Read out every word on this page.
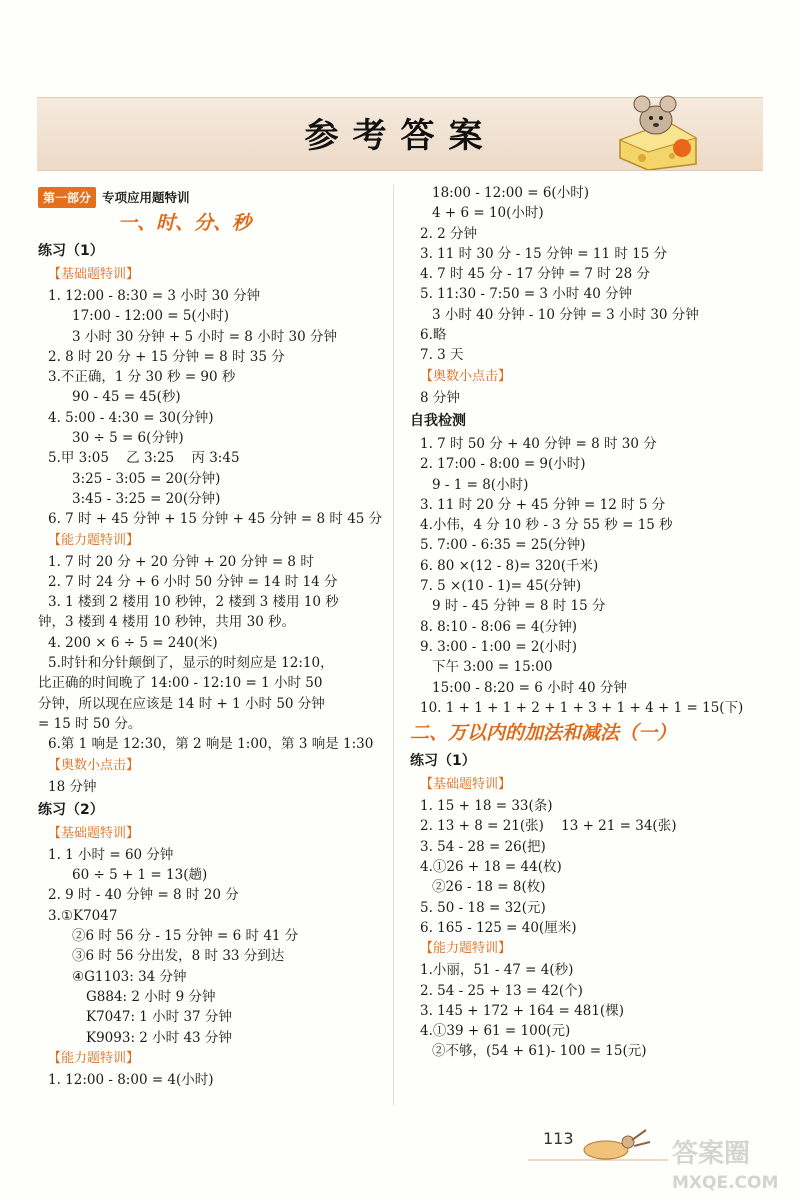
参考答案
第一部分 专项应用题特训
一、时、分、秒
练习（1）
【基础题特训】
1. 12:00 - 8:30 = 3 小时 30 分钟
17:00 - 12:00 = 5(小时)
3 小时 30 分钟 + 5 小时 = 8 小时 30 分钟
2. 8 时 20 分 + 15 分钟 = 8 时 35 分
3.不正确，1 分 30 秒 = 90 秒
90 - 45 = 45(秒)
4. 5:00 - 4:30 = 30(分钟)
30 ÷ 5 = 6(分钟)
5.甲 3:05    乙 3:25    丙 3:45
3:25 - 3:05 = 20(分钟)
3:45 - 3:25 = 20(分钟)
6. 7 时 + 45 分钟 + 15 分钟 + 45 分钟 = 8 时 45 分
【能力题特训】
1. 7 时 20 分 + 20 分钟 + 20 分钟 = 8 时
2. 7 时 24 分 + 6 小时 50 分钟 = 14 时 14 分
3. 1 楼到 2 楼用 10 秒钟，2 楼到 3 楼用 10 秒
钟，3 楼到 4 楼用 10 秒钟，共用 30 秒。
4. 200 × 6 ÷ 5 = 240(米)
5.时针和分针颠倒了，显示的时刻应是 12:10，
比正确的时间晚了 14:00 - 12:10 = 1 小时 50
分钟，所以现在应该是 14 时 + 1 小时 50 分钟
= 15 时 50 分。
6.第 1 响是 12:30，第 2 响是 1:00，第 3 响是 1:30
【奥数小点击】
18 分钟
练习（2）
【基础题特训】
1. 1 小时 = 60 分钟
60 ÷ 5 + 1 = 13(趟)
2. 9 时 - 40 分钟 = 8 时 20 分
3.①K7047
②6 时 56 分 - 15 分钟 = 6 时 41 分
③6 时 56 分出发，8 时 33 分到达
④G1103: 34 分钟
G884: 2 小时 9 分钟
K7047: 1 小时 37 分钟
K9093: 2 小时 43 分钟
【能力题特训】
1. 12:00 - 8:00 = 4(小时)
18:00 - 12:00 = 6(小时)
4 + 6 = 10(小时)
2. 2 分钟
3. 11 时 30 分 - 15 分钟 = 11 时 15 分
4. 7 时 45 分 - 17 分钟 = 7 时 28 分
5. 11:30 - 7:50 = 3 小时 40 分钟
3 小时 40 分钟 - 10 分钟 = 3 小时 30 分钟
6.略
7. 3 天
【奥数小点击】
8 分钟
自我检测
1. 7 时 50 分 + 40 分钟 = 8 时 30 分
2. 17:00 - 8:00 = 9(小时)
9 - 1 = 8(小时)
3. 11 时 20 分 + 45 分钟 = 12 时 5 分
4.小伟，4 分 10 秒 - 3 分 55 秒 = 15 秒
5. 7:00 - 6:35 = 25(分钟)
6. 80 ×(12 - 8)= 320(千米)
7. 5 ×(10 - 1)= 45(分钟)
9 时 - 45 分钟 = 8 时 15 分
8. 8:10 - 8:06 = 4(分钟)
9. 3:00 - 1:00 = 2(小时)
下午 3:00 = 15:00
15:00 - 8:20 = 6 小时 40 分钟
10. 1 + 1 + 1 + 2 + 1 + 3 + 1 + 4 + 1 = 15(下)
二、万以内的加法和减法（一）
练习（1）
【基础题特训】
1. 15 + 18 = 33(条)
2. 13 + 8 = 21(张)    13 + 21 = 34(张)
3. 54 - 28 = 26(把)
4.①26 + 18 = 44(枚)
②26 - 18 = 8(枚)
5. 50 - 18 = 32(元)
6. 165 - 125 = 40(厘米)
【能力题特训】
1.小丽，51 - 47 = 4(秒)
2. 54 - 25 + 13 = 42(个)
3. 145 + 172 + 164 = 481(棵)
4.①39 + 61 = 100(元)
②不够，(54 + 61)- 100 = 15(元)
113
答案圈
MXQE.COM
